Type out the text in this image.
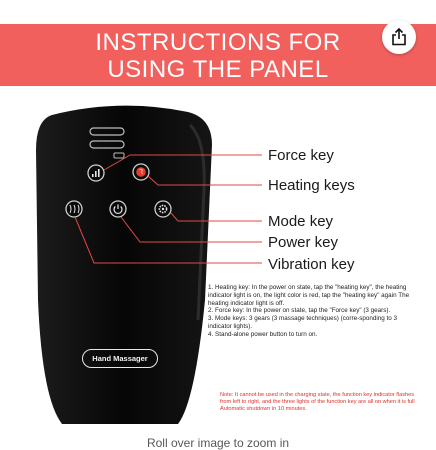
INSTRUCTIONS FOR
USING THE PANEL
Force key
Heating keys
Mode key
Power key
Vibration key
Hand Massager

1. Heating key: In the power on state, tap the "heating key", the heating indicator light is on, the light color is red, tap the "heating key" again The heating indicator light is off.

2. Force key: In the power on state, tap the "Force key" (3 gears).

3. Mode keys: 3 gears (3 massage techniques) (corre-sponding to 3 indicator lights).

4. Stand-alone power button to turn on.

Note: It cannot be used in the charging state, the function key indicator flashes from left to right, and the three lights of the function key are all on when it is full Automatic shutdown in 10 minutes.
Roll over image to zoom in
